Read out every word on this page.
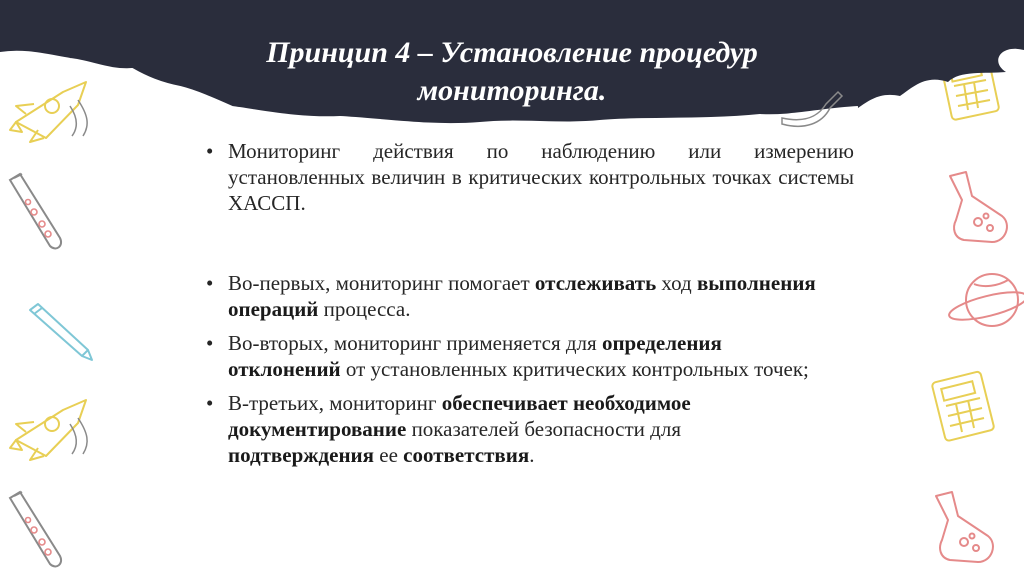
Принцип 4 – Установление процедур
мониторинга.
• Мониторинг действия по наблюдению или измерению установленных величин в критических контрольных точках системы ХАССП.
• Во-первых, мониторинг помогает отслеживать ход выполнения операций процесса.
• Во-вторых, мониторинг применяется для определения отклонений от установленных критических контрольных точек;
• В-третьих, мониторинг обеспечивает необходимое документирование показателей безопасности для подтверждения ее соответствия.
